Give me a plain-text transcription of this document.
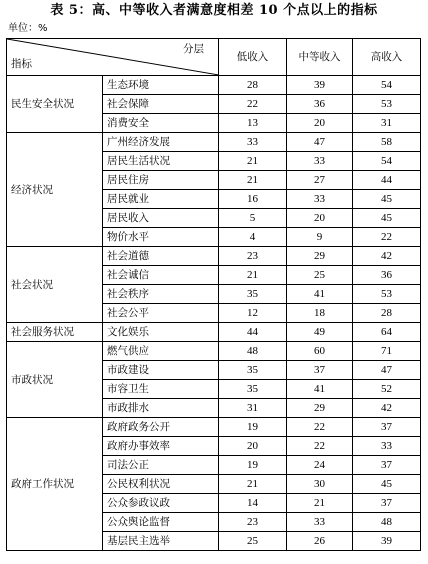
表 5：高、中等收入者满意度相差 10 个点以上的指标
单位：%
分层
指标		低收入	中等收入	高收入
民生安全状况	生态环境	28	39	54
	社会保障	22	36	53
	消费安全	13	20	31
经济状况	广州经济发展	33	47	58
	居民生活状况	21	33	54
	居民住房	21	27	44
	居民就业	16	33	45
	居民收入	5	20	45
	物价水平	4	9	22
社会状况	社会道德	23	29	42
	社会诚信	21	25	36
	社会秩序	35	41	53
	社会公平	12	18	28
社会服务状况	文化娱乐	44	49	64
市政状况	燃气供应	48	60	71
	市政建设	35	37	47
	市容卫生	35	41	52
	市政排水	31	29	42
政府工作状况	政府政务公开	19	22	37
	政府办事效率	20	22	33
	司法公正	19	24	37
	公民权利状况	21	30	45
	公众参政议政	14	21	37
	公众舆论监督	23	33	48
	基层民主选举	25	26	39
